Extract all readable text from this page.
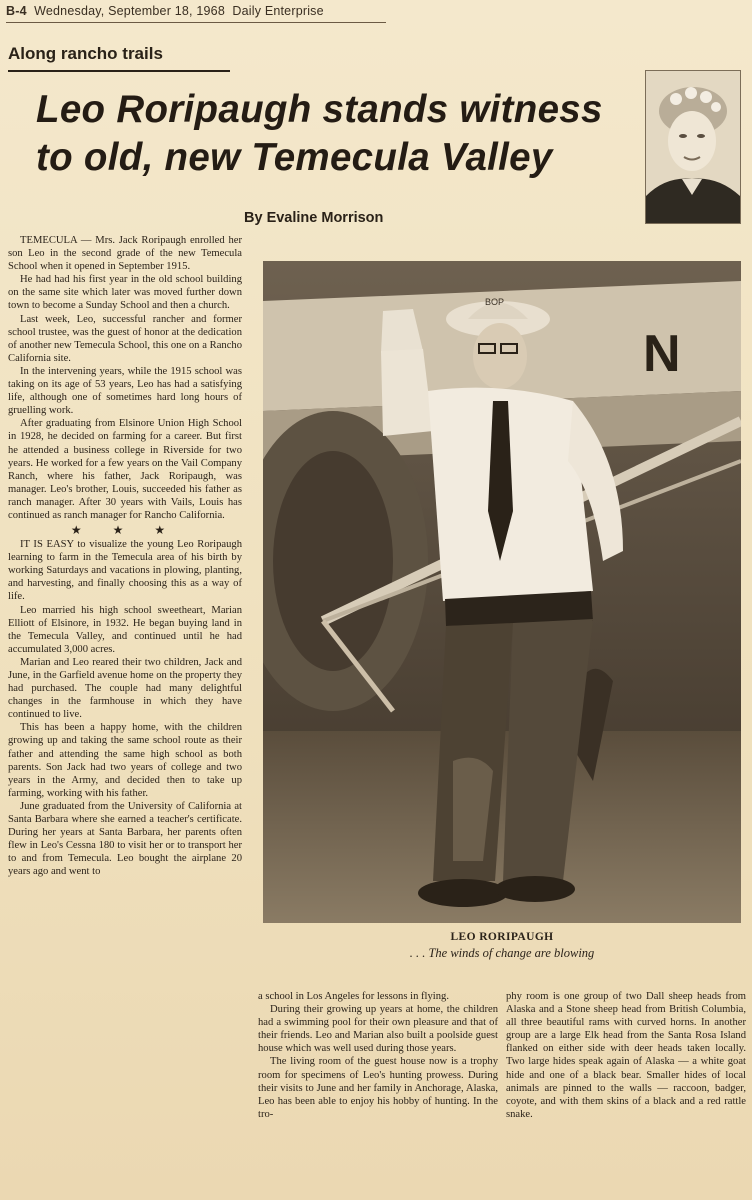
B-4 Wednesday, September 18, 1968 Daily Enterprise
Along rancho trails
Leo Roripaugh stands witness
to old, new Temecula Valley
By Evaline Morrison
N
BOP
LEO RORIPAUGH
. . . The winds of change are blowing

TEMECULA — Mrs. Jack Roripaugh enrolled her son Leo in the second grade of the new Temecula School when it opened in September 1915.

He had had his first year in the old school building on the same site which later was moved further down town to become a Sunday School and then a church.

Last week, Leo, successful rancher and former school trustee, was the guest of honor at the dedication of another new Temecula School, this one on a Rancho California site.

In the intervening years, while the 1915 school was taking on its age of 53 years, Leo has had a satisfying life, although one of sometimes hard long hours of gruelling work.

After graduating from Elsinore Union High School in 1928, he decided on farming for a career. But first he attended a business college in Riverside for two years. He worked for a few years on the Vail Company Ranch, where his father, Jack Roripaugh, was manager. Leo's brother, Louis, succeeded his father as ranch manager. After 30 years with Vails, Louis has continued as ranch manager for Rancho California.

★ ★ ★

IT IS EASY to visualize the young Leo Roripaugh learning to farm in the Temecula area of his birth by working Saturdays and vacations in plowing, planting, and harvesting, and finally choosing this as a way of life.

Leo married his high school sweetheart, Marian Elliott of Elsinore, in 1932. He began buying land in the Temecula Valley, and continued until he had accumulated 3,000 acres.

Marian and Leo reared their two children, Jack and June, in the Garfield avenue home on the property they had purchased. The couple had many delightful changes in the farmhouse in which they have continued to live.

This has been a happy home, with the children growing up and taking the same school route as their father and attending the same high school as both parents. Son Jack had two years of college and two years in the Army, and decided then to take up farming, working with his father.

June graduated from the University of California at Santa Barbara where she earned a teacher's certificate. During her years at Santa Barbara, her parents often flew in Leo's Cessna 180 to visit her or to transport her to and from Temecula. Leo bought the airplane 20 years ago and went to

a school in Los Angeles for lessons in flying.

During their growing up years at home, the children had a swimming pool for their own pleasure and that of their friends. Leo and Marian also built a poolside guest house which was well used during those years.

The living room of the guest house now is a trophy room for specimens of Leo's hunting prowess. During their visits to June and her family in Anchorage, Alaska, Leo has been able to enjoy his hobby of hunting. In the tro-

phy room is one group of two Dall sheep heads from Alaska and a Stone sheep head from British Columbia, all three beautiful rams with curved horns. In another group are a large Elk head from the Santa Rosa Island flanked on either side with deer heads taken locally. Two large hides speak again of Alaska — a white goat hide and one of a black bear. Smaller hides of local animals are pinned to the walls — raccoon, badger, coyote, and with them skins of a black and a red rattle snake.
